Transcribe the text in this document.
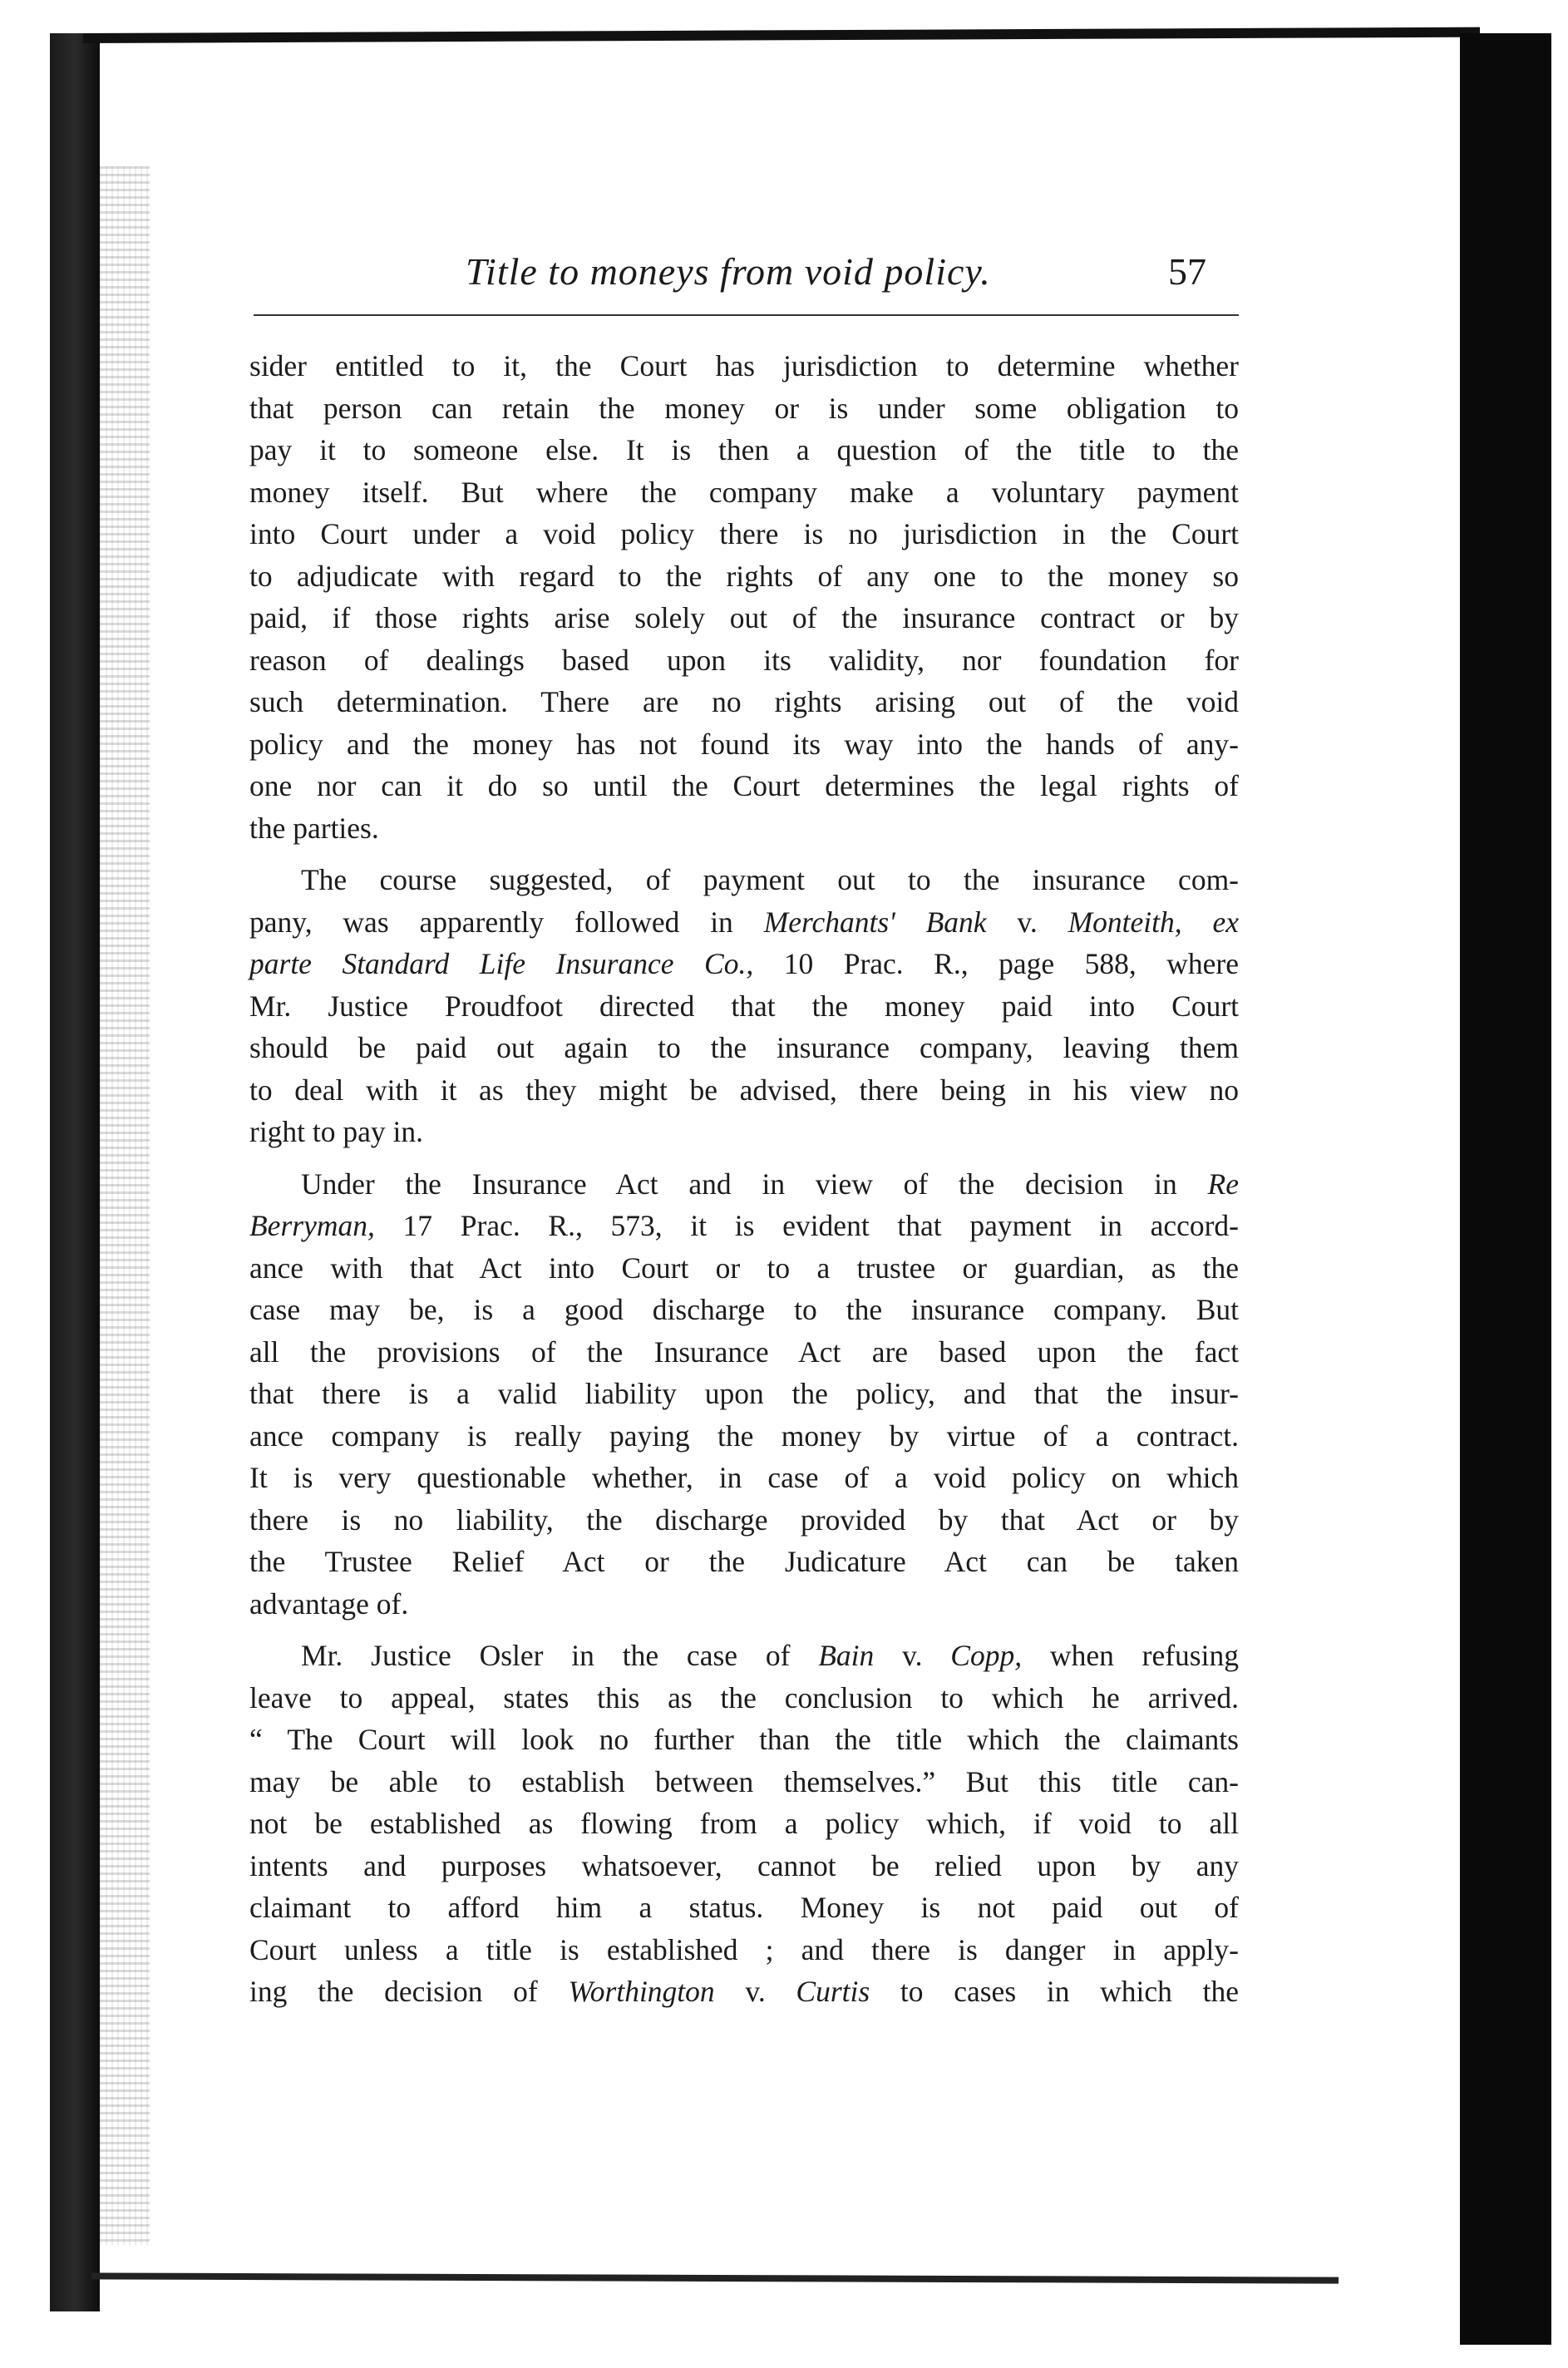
Title to moneys from void policy.	57

sider entitled to it, the Court has jurisdiction to determine whether
that person can retain the money or is under some obligation to
pay it to someone else. It is then a question of the title to the
money itself. But where the company make a voluntary payment
into Court under a void policy there is no jurisdiction in the Court
to adjudicate with regard to the rights of any one to the money so
paid, if those rights arise solely out of the insurance contract or by
reason of dealings based upon its validity, nor foundation for
such determination. There are no rights arising out of the void
policy and the money has not found its way into the hands of any-
one nor can it do so until the Court determines the legal rights of
the parties.

The course suggested, of payment out to the insurance com-
pany, was apparently followed in Merchants' Bank v. Monteith, ex
parte Standard Life Insurance Co., 10 Prac. R., page 588, where
Mr. Justice Proudfoot directed that the money paid into Court
should be paid out again to the insurance company, leaving them
to deal with it as they might be advised, there being in his view no
right to pay in.

Under the Insurance Act and in view of the decision in Re
Berryman, 17 Prac. R., 573, it is evident that payment in accord-
ance with that Act into Court or to a trustee or guardian, as the
case may be, is a good discharge to the insurance company. But
all the provisions of the Insurance Act are based upon the fact
that there is a valid liability upon the policy, and that the insur-
ance company is really paying the money by virtue of a contract.
It is very questionable whether, in case of a void policy on which
there is no liability, the discharge provided by that Act or by
the Trustee Relief Act or the Judicature Act can be taken
advantage of.

Mr. Justice Osler in the case of Bain v. Copp, when refusing
leave to appeal, states this as the conclusion to which he arrived.
“ The Court will look no further than the title which the claimants
may be able to establish between themselves.” But this title can-
not be established as flowing from a policy which, if void to all
intents and purposes whatsoever, cannot be relied upon by any
claimant to afford him a status. Money is not paid out of
Court unless a title is established ; and there is danger in apply-
ing the decision of Worthington v. Curtis to cases in which the
